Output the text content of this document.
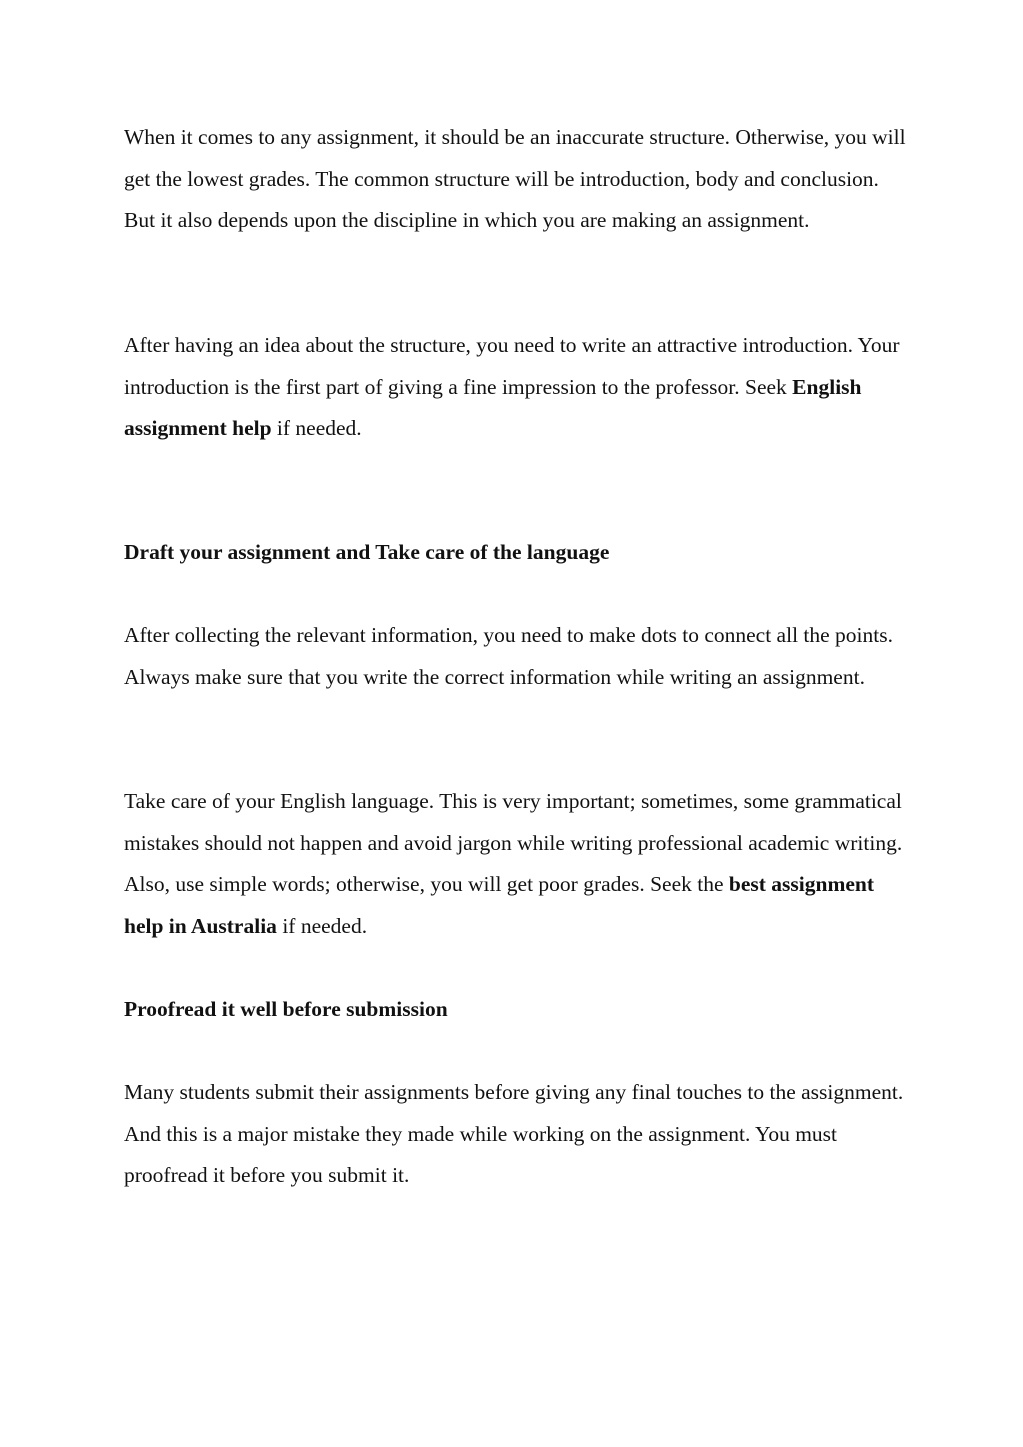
When it comes to any assignment, it should be an inaccurate structure. Otherwise, you will get the lowest grades. The common structure will be introduction, body and conclusion. But it also depends upon the discipline in which you are making an assignment.

After having an idea about the structure, you need to write an attractive introduction. Your introduction is the first part of giving a fine impression to the professor. Seek English assignment help if needed.

Draft your assignment and Take care of the language

After collecting the relevant information, you need to make dots to connect all the points. Always make sure that you write the correct information while writing an assignment.

Take care of your English language. This is very important; sometimes, some grammatical mistakes should not happen and avoid jargon while writing professional academic writing. Also, use simple words; otherwise, you will get poor grades. Seek the best assignment help in Australia if needed.

Proofread it well before submission

Many students submit their assignments before giving any final touches to the assignment. And this is a major mistake they made while working on the assignment. You must proofread it before you submit it.
